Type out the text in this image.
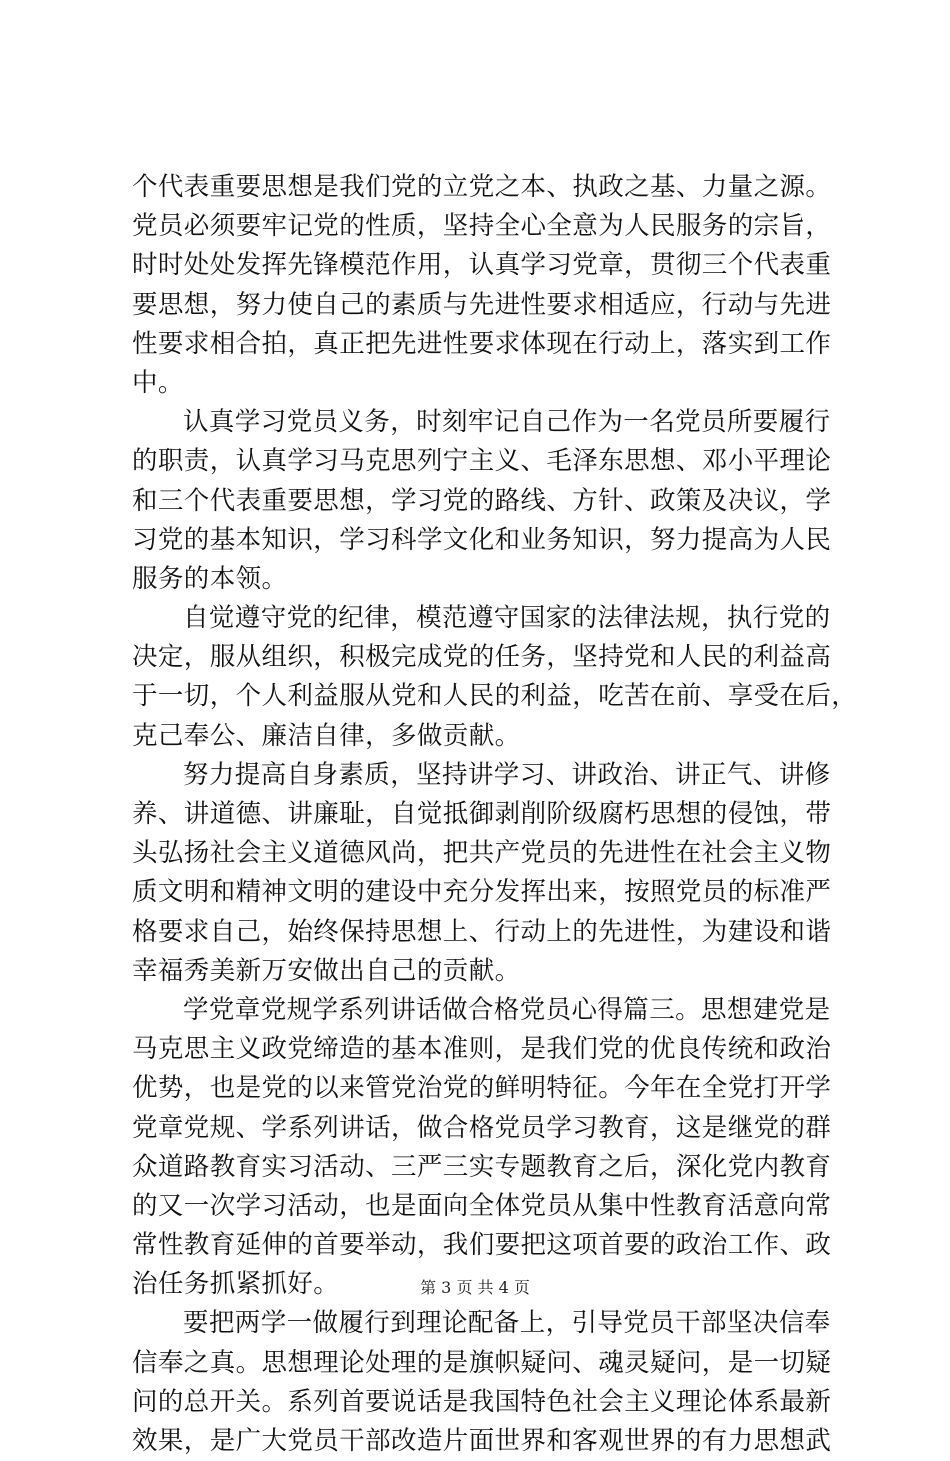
个代表重要思想是我们党的立党之本、执政之基、力量之源。
党员必须要牢记党的性质，坚持全心全意为人民服务的宗旨，
时时处处发挥先锋模范作用，认真学习党章，贯彻三个代表重
要思想，努力使自己的素质与先进性要求相适应，行动与先进
性要求相合拍，真正把先进性要求体现在行动上，落实到工作
中。
认真学习党员义务，时刻牢记自己作为一名党员所要履行
的职责，认真学习马克思列宁主义、毛泽东思想、邓小平理论
和三个代表重要思想，学习党的路线、方针、政策及决议，学
习党的基本知识，学习科学文化和业务知识，努力提高为人民
服务的本领。
自觉遵守党的纪律，模范遵守国家的法律法规，执行党的
决定，服从组织，积极完成党的任务，坚持党和人民的利益高
于一切，个人利益服从党和人民的利益，吃苦在前、享受在后，
克己奉公、廉洁自律，多做贡献。
努力提高自身素质，坚持讲学习、讲政治、讲正气、讲修
养、讲道德、讲廉耻，自觉抵御剥削阶级腐朽思想的侵蚀，带
头弘扬社会主义道德风尚，把共产党员的先进性在社会主义物
质文明和精神文明的建设中充分发挥出来，按照党员的标准严
格要求自己，始终保持思想上、行动上的先进性，为建设和谐
幸福秀美新万安做出自己的贡献。
学党章党规学系列讲话做合格党员心得篇三。思想建党是
马克思主义政党缔造的基本准则，是我们党的优良传统和政治
优势，也是党的以来管党治党的鲜明特征。今年在全党打开学
党章党规、学系列讲话，做合格党员学习教育，这是继党的群
众道路教育实习活动、三严三实专题教育之后，深化党内教育
的又一次学习活动，也是面向全体党员从集中性教育活意向常
常性教育延伸的首要举动，我们要把这项首要的政治工作、政
治任务抓紧抓好。
要把两学一做履行到理论配备上，引导党员干部坚决信奉
信奉之真。思想理论处理的是旗帜疑问、魂灵疑问，是一切疑
问的总开关。系列首要说话是我国特色社会主义理论体系最新
效果，是广大党员干部改造片面世界和客观世界的有力思想武
第 3 页 共 4 页
